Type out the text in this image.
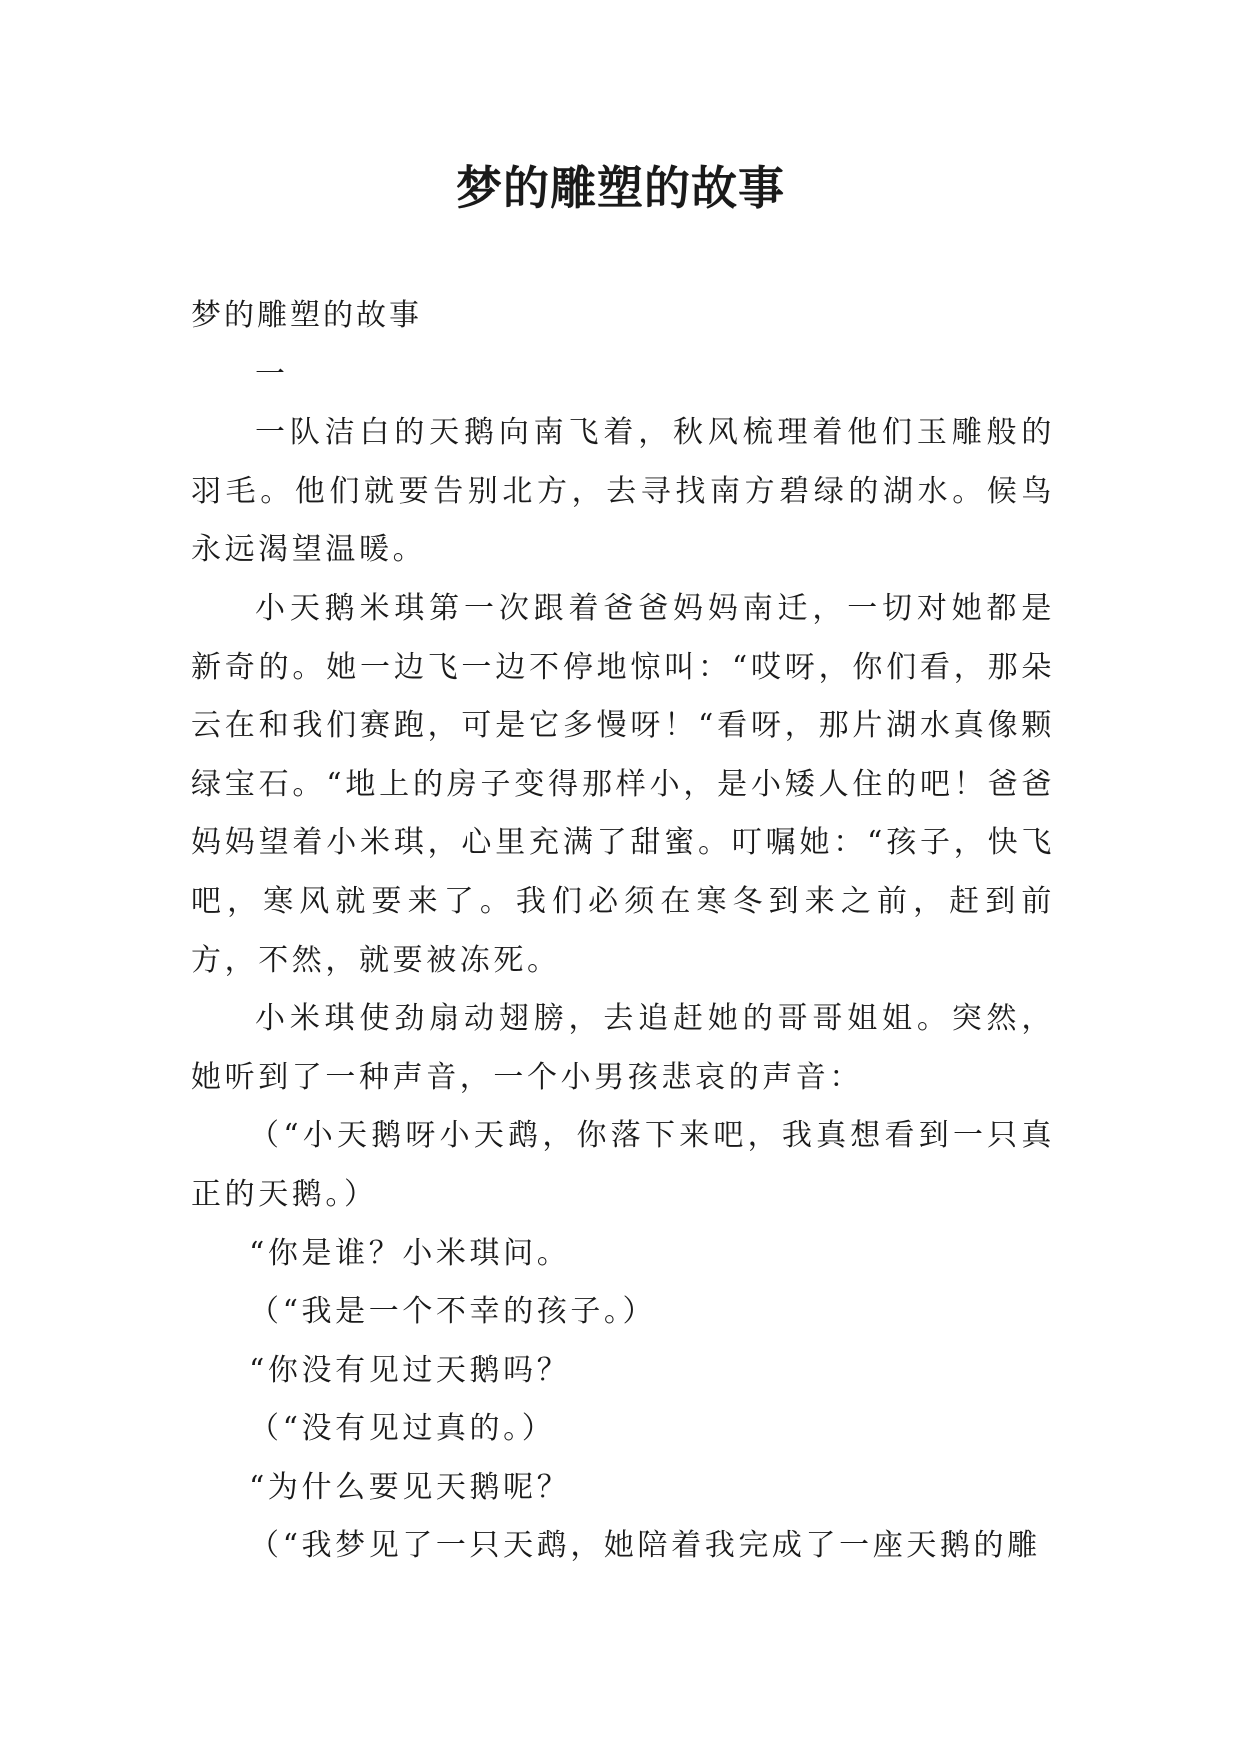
梦的雕塑的故事

梦的雕塑的故事

一

一队洁白的天鹅向南飞着，秋风梳理着他们玉雕般的羽毛。他们就要告别北方，去寻找南方碧绿的湖水。候鸟永远渴望温暖。

小天鹅米琪第一次跟着爸爸妈妈南迁，一切对她都是新奇的。她一边飞一边不停地惊叫：“哎呀，你们看，那朵云在和我们赛跑，可是它多慢呀！“看呀，那片湖水真像颗绿宝石。“地上的房子变得那样小，是小矮人住的吧！爸爸妈妈望着小米琪，心里充满了甜蜜。叮嘱她：“孩子，快飞吧，寒风就要来了。我们必须在寒冬到来之前，赶到前方，不然，就要被冻死。

小米琪使劲扇动翅膀，去追赶她的哥哥姐姐。突然，她听到了一种声音，一个小男孩悲哀的声音：

（“小天鹅呀小天鹉，你落下来吧，我真想看到一只真正的天鹅。）

“你是谁？小米琪问。

（“我是一个不幸的孩子。）

“你没有见过天鹅吗？

（“没有见过真的。）

“为什么要见天鹅呢？

（“我梦见了一只天鹉，她陪着我完成了一座天鹅的雕
